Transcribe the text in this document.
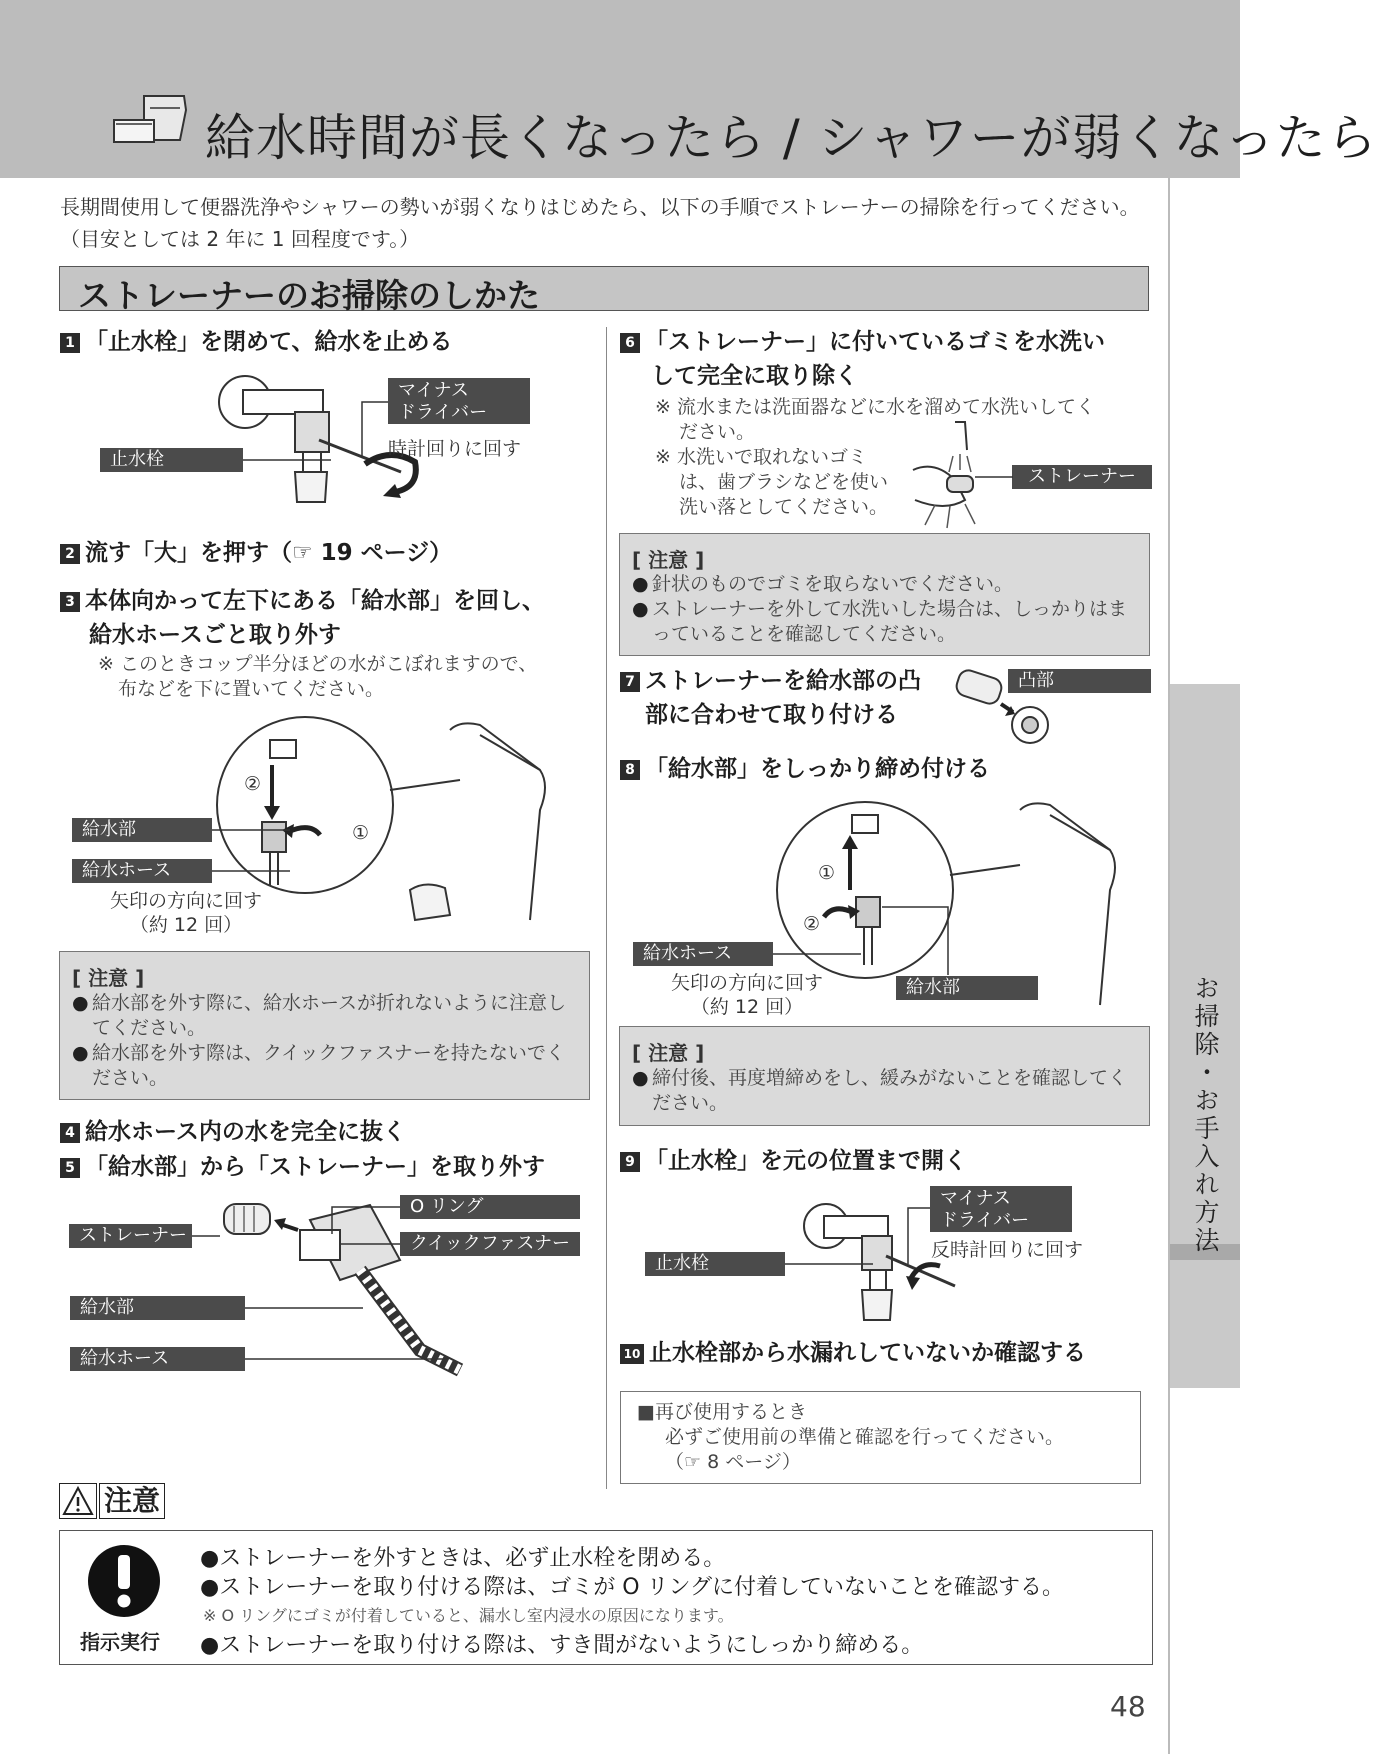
給水時間が長くなったら / シャワーが弱くなったら
お掃除・お手入れ方法
長期間使用して便器洗浄やシャワーの勢いが弱くなりはじめたら、以下の手順でストレーナーの掃除を行ってください。（目安としては 2 年に 1 回程度です。）
ストレーナーのお掃除のしかた
1 「止水栓」を閉めて、給水を止める
マイナス
ドライバー
時計回りに回す
止水栓
2 流す「大」を押す（☞ 19 ページ）
3 本体向かって左下にある「給水部」を回し、
給水ホースごと取り外す
※ このときコップ半分ほどの水がこぼれますので、
布などを下に置いてください。
②
①
給水部
給水ホース
矢印の方向に回す
（約 12 回）
[ 注意 ]
● 給水部を外す際に、給水ホースが折れないように注意してください。
● 給水部を外す際は、クイックファスナーを持たないでください。
4 給水ホース内の水を完全に抜く
5 「給水部」から「ストレーナー」を取り外す
O リング
クイックファスナー
ストレーナー
給水部
給水ホース
6 「ストレーナー」に付いているゴミを水洗い
して完全に取り除く
※ 流水または洗面器などに水を溜めて水洗いしてく
ださい。
※ 水洗いで取れないゴミ
は、歯ブラシなどを使い
洗い落としてください。
ストレーナー
[ 注意 ]
● 針状のものでゴミを取らないでください。
● ストレーナーを外して水洗いした場合は、しっかりはまっていることを確認してください。
7 ストレーナーを給水部の凸
部に合わせて取り付ける
凸部
8 「給水部」をしっかり締め付ける
①
②
給水ホース
給水部
矢印の方向に回す
（約 12 回）
[ 注意 ]
● 締付後、再度増締めをし、緩みがないことを確認してください。
9 「止水栓」を元の位置まで開く
マイナス
ドライバー
反時計回りに回す
止水栓
10 止水栓部から水漏れしていないか確認する
■再び使用するとき
必ずご使用前の準備と確認を行ってください。
（☞ 8 ページ）
注意
指示実行
●ストレーナーを外すときは、必ず止水栓を閉める。
●ストレーナーを取り付ける際は、ゴミが O リングに付着していないことを確認する。
※ O リングにゴミが付着していると、漏水し室内浸水の原因になります。
●ストレーナーを取り付ける際は、すき間がないようにしっかり締める。
48
